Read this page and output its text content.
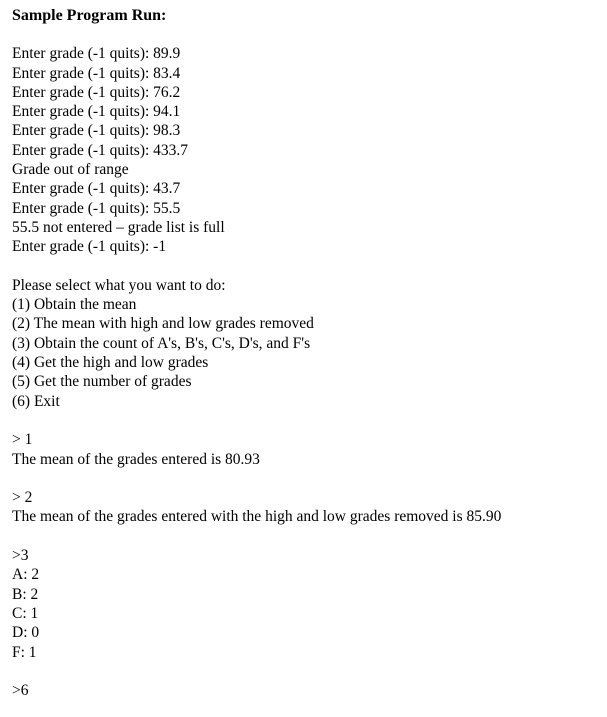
Sample Program Run:
Enter grade (-1 quits): 89.9
Enter grade (-1 quits): 83.4
Enter grade (-1 quits): 76.2
Enter grade (-1 quits): 94.1
Enter grade (-1 quits): 98.3
Enter grade (-1 quits): 433.7
Grade out of range
Enter grade (-1 quits): 43.7
Enter grade (-1 quits): 55.5
55.5 not entered – grade list is full
Enter grade (-1 quits): -1
Please select what you want to do:
(1) Obtain the mean
(2) The mean with high and low grades removed
(3) Obtain the count of A's, B's, C's, D's, and F's
(4) Get the high and low grades
(5) Get the number of grades
(6) Exit
> 1
The mean of the grades entered is 80.93
> 2
The mean of the grades entered with the high and low grades removed is 85.90
>3
A: 2
B: 2
C: 1
D: 0
F: 1
>6
